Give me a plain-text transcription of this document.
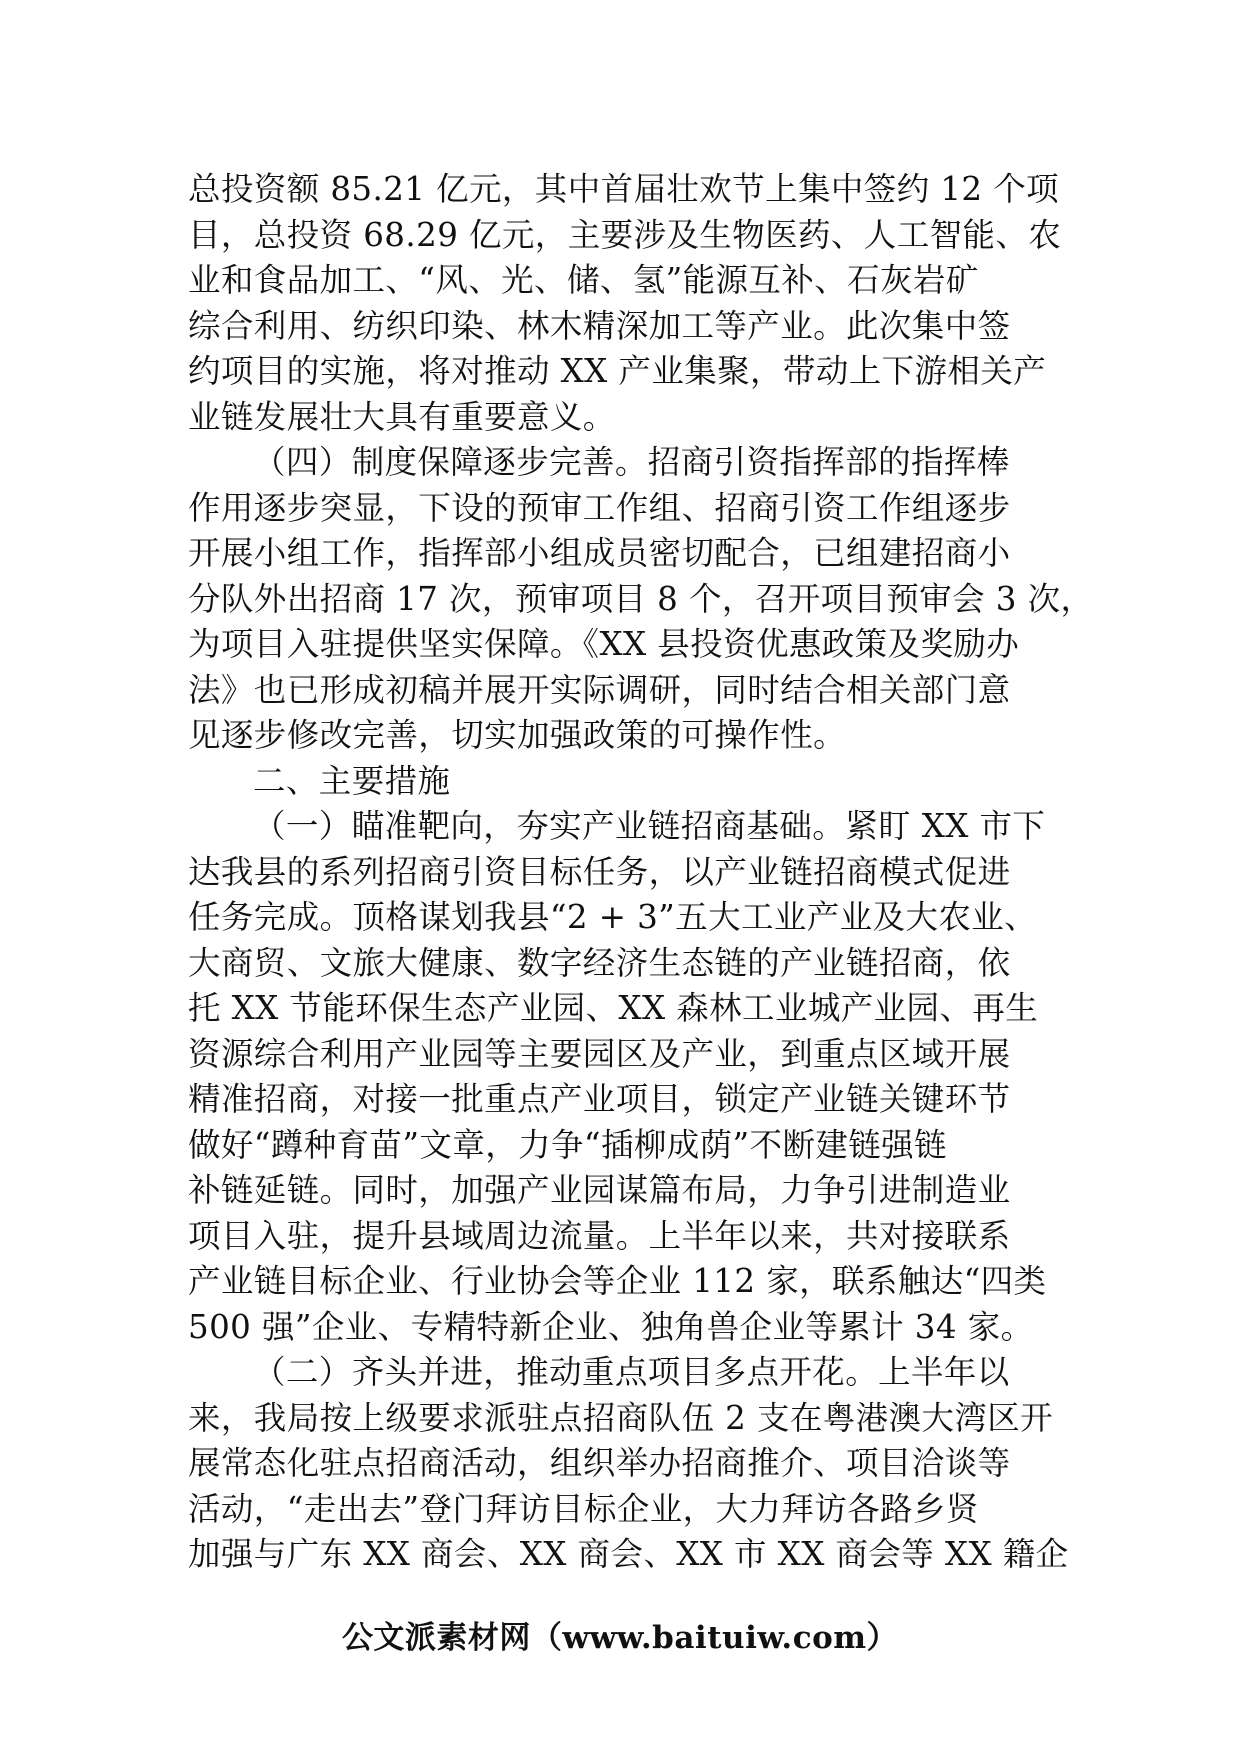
总投资额 85.21 亿元，其中首届壮欢节上集中签约 12 个项
目，总投资 68.29 亿元，主要涉及生物医药、人工智能、农
业和食品加工、“风、光、储、氢”能源互补、石灰岩矿
综合利用、纺织印染、林木精深加工等产业。此次集中签
约项目的实施，将对推动 XX 产业集聚，带动上下游相关产
业链发展壮大具有重要意义。
（四）制度保障逐步完善。招商引资指挥部的指挥棒
作用逐步突显，下设的预审工作组、招商引资工作组逐步
开展小组工作，指挥部小组成员密切配合，已组建招商小
分队外出招商 17 次，预审项目 8 个，召开项目预审会 3 次，
为项目入驻提供坚实保障。《XX 县投资优惠政策及奖励办
法》也已形成初稿并展开实际调研，同时结合相关部门意
见逐步修改完善，切实加强政策的可操作性。
二、主要措施
（一）瞄准靶向，夯实产业链招商基础。紧盯 XX 市下
达我县的系列招商引资目标任务，以产业链招商模式促进
任务完成。顶格谋划我县“2 + 3”五大工业产业及大农业、
大商贸、文旅大健康、数字经济生态链的产业链招商，依
托 XX 节能环保生态产业园、XX 森林工业城产业园、再生
资源综合利用产业园等主要园区及产业，到重点区域开展
精准招商，对接一批重点产业项目，锁定产业链关键环节
做好“蹲种育苗”文章，力争“插柳成荫”不断建链强链
补链延链。同时，加强产业园谋篇布局，力争引进制造业
项目入驻，提升县域周边流量。上半年以来，共对接联系
产业链目标企业、行业协会等企业 112 家，联系触达“四类
500 强”企业、专精特新企业、独角兽企业等累计 34 家。
（二）齐头并进，推动重点项目多点开花。上半年以
来，我局按上级要求派驻点招商队伍 2 支在粤港澳大湾区开
展常态化驻点招商活动，组织举办招商推介、项目洽谈等
活动，“走出去”登门拜访目标企业，大力拜访各路乡贤
加强与广东 XX 商会、XX 商会、XX 市 XX 商会等 XX 籍企
公文派素材网（www.baituiw.com）
